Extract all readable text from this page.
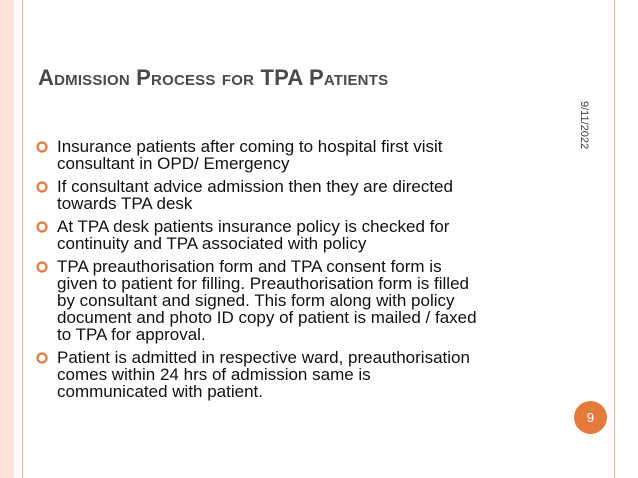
Admission Process for TPA Patients
9/11/2022
Insurance patients after coming to hospital first visit
consultant in OPD/ Emergency
If consultant advice admission then they are directed
towards TPA desk
At TPA desk patients insurance policy is checked for
continuity and TPA associated with policy
TPA preauthorisation form and TPA consent form is
given to patient for filling. Preauthorisation form is filled
by consultant and signed. This form along with policy
document and photo ID copy of patient is mailed / faxed
to TPA for approval.
Patient is admitted in respective ward, preauthorisation
comes within 24 hrs of admission same is
communicated with patient.
9
